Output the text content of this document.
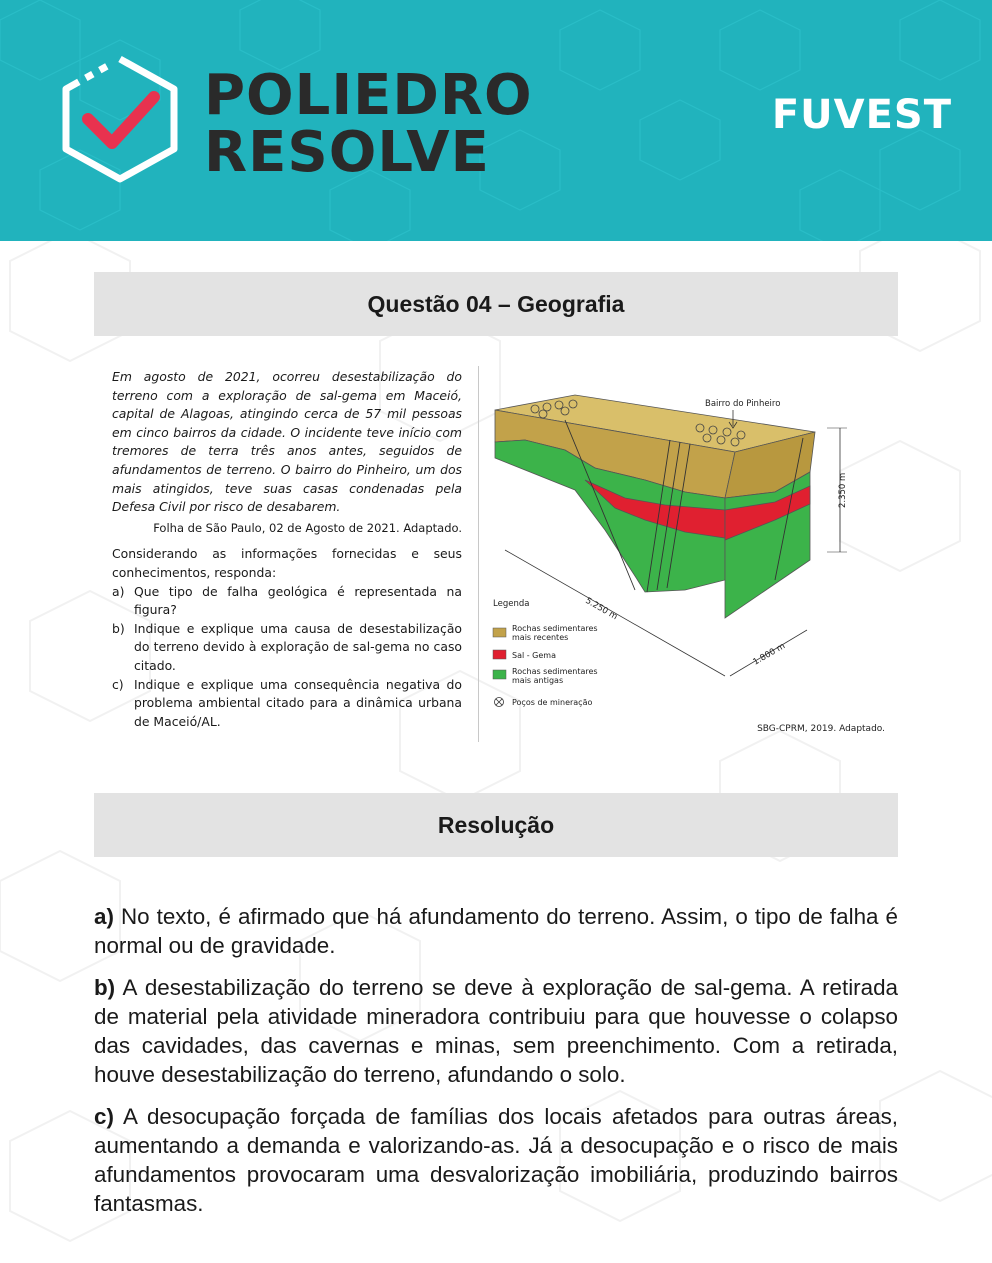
POLIEDRO
RESOLVE
FUVEST
Questão 04 – Geografia

Em agosto de 2021, ocorreu desestabilização do terreno com a exploração de sal-gema em Maceió, capital de Alagoas, atingindo cerca de 57 mil pessoas em cinco bairros da cidade. O incidente teve início com tremores de terra três anos antes, seguidos de afundamentos de terreno. O bairro do Pinheiro, um dos mais atingidos, teve suas casas condenadas pela Defesa Civil por risco de desabarem.

Folha de São Paulo, 02 de Agosto de 2021. Adaptado.

Considerando as informações fornecidas e seus conhecimentos, responda:

a) Que tipo de falha geológica é representada na figura?
b) Indique e explique uma causa de desestabilização do terreno devido à exploração de sal-gema no caso citado.
c) Indique e explique uma consequência negativa do problema ambiental citado para a dinâmica urbana de Maceió/AL.
Bairro do Pinheiro
2.350 m
5.250 m
1.800 m
Legenda
Rochas sedimentares
mais recentes
Sal - Gema
Rochas sedimentares
mais antigas
Poços de mineração
SBG-CPRM, 2019. Adaptado.
Resolução

a) No texto, é afirmado que há afundamento do terreno. Assim, o tipo de falha é normal ou de gravidade.

b) A desestabilização do terreno se deve à exploração de sal-gema. A retirada de material pela atividade mineradora contribuiu para que houvesse o colapso das cavidades, das cavernas e minas, sem preenchimento. Com a retirada, houve desestabilização do terreno, afundando o solo.

c) A desocupação forçada de famílias dos locais afetados para outras áreas, aumentando a demanda e valorizando-as. Já a desocupação e o risco de mais afundamentos provocaram uma desvalorização imobiliária, produzindo bairros fantasmas.
